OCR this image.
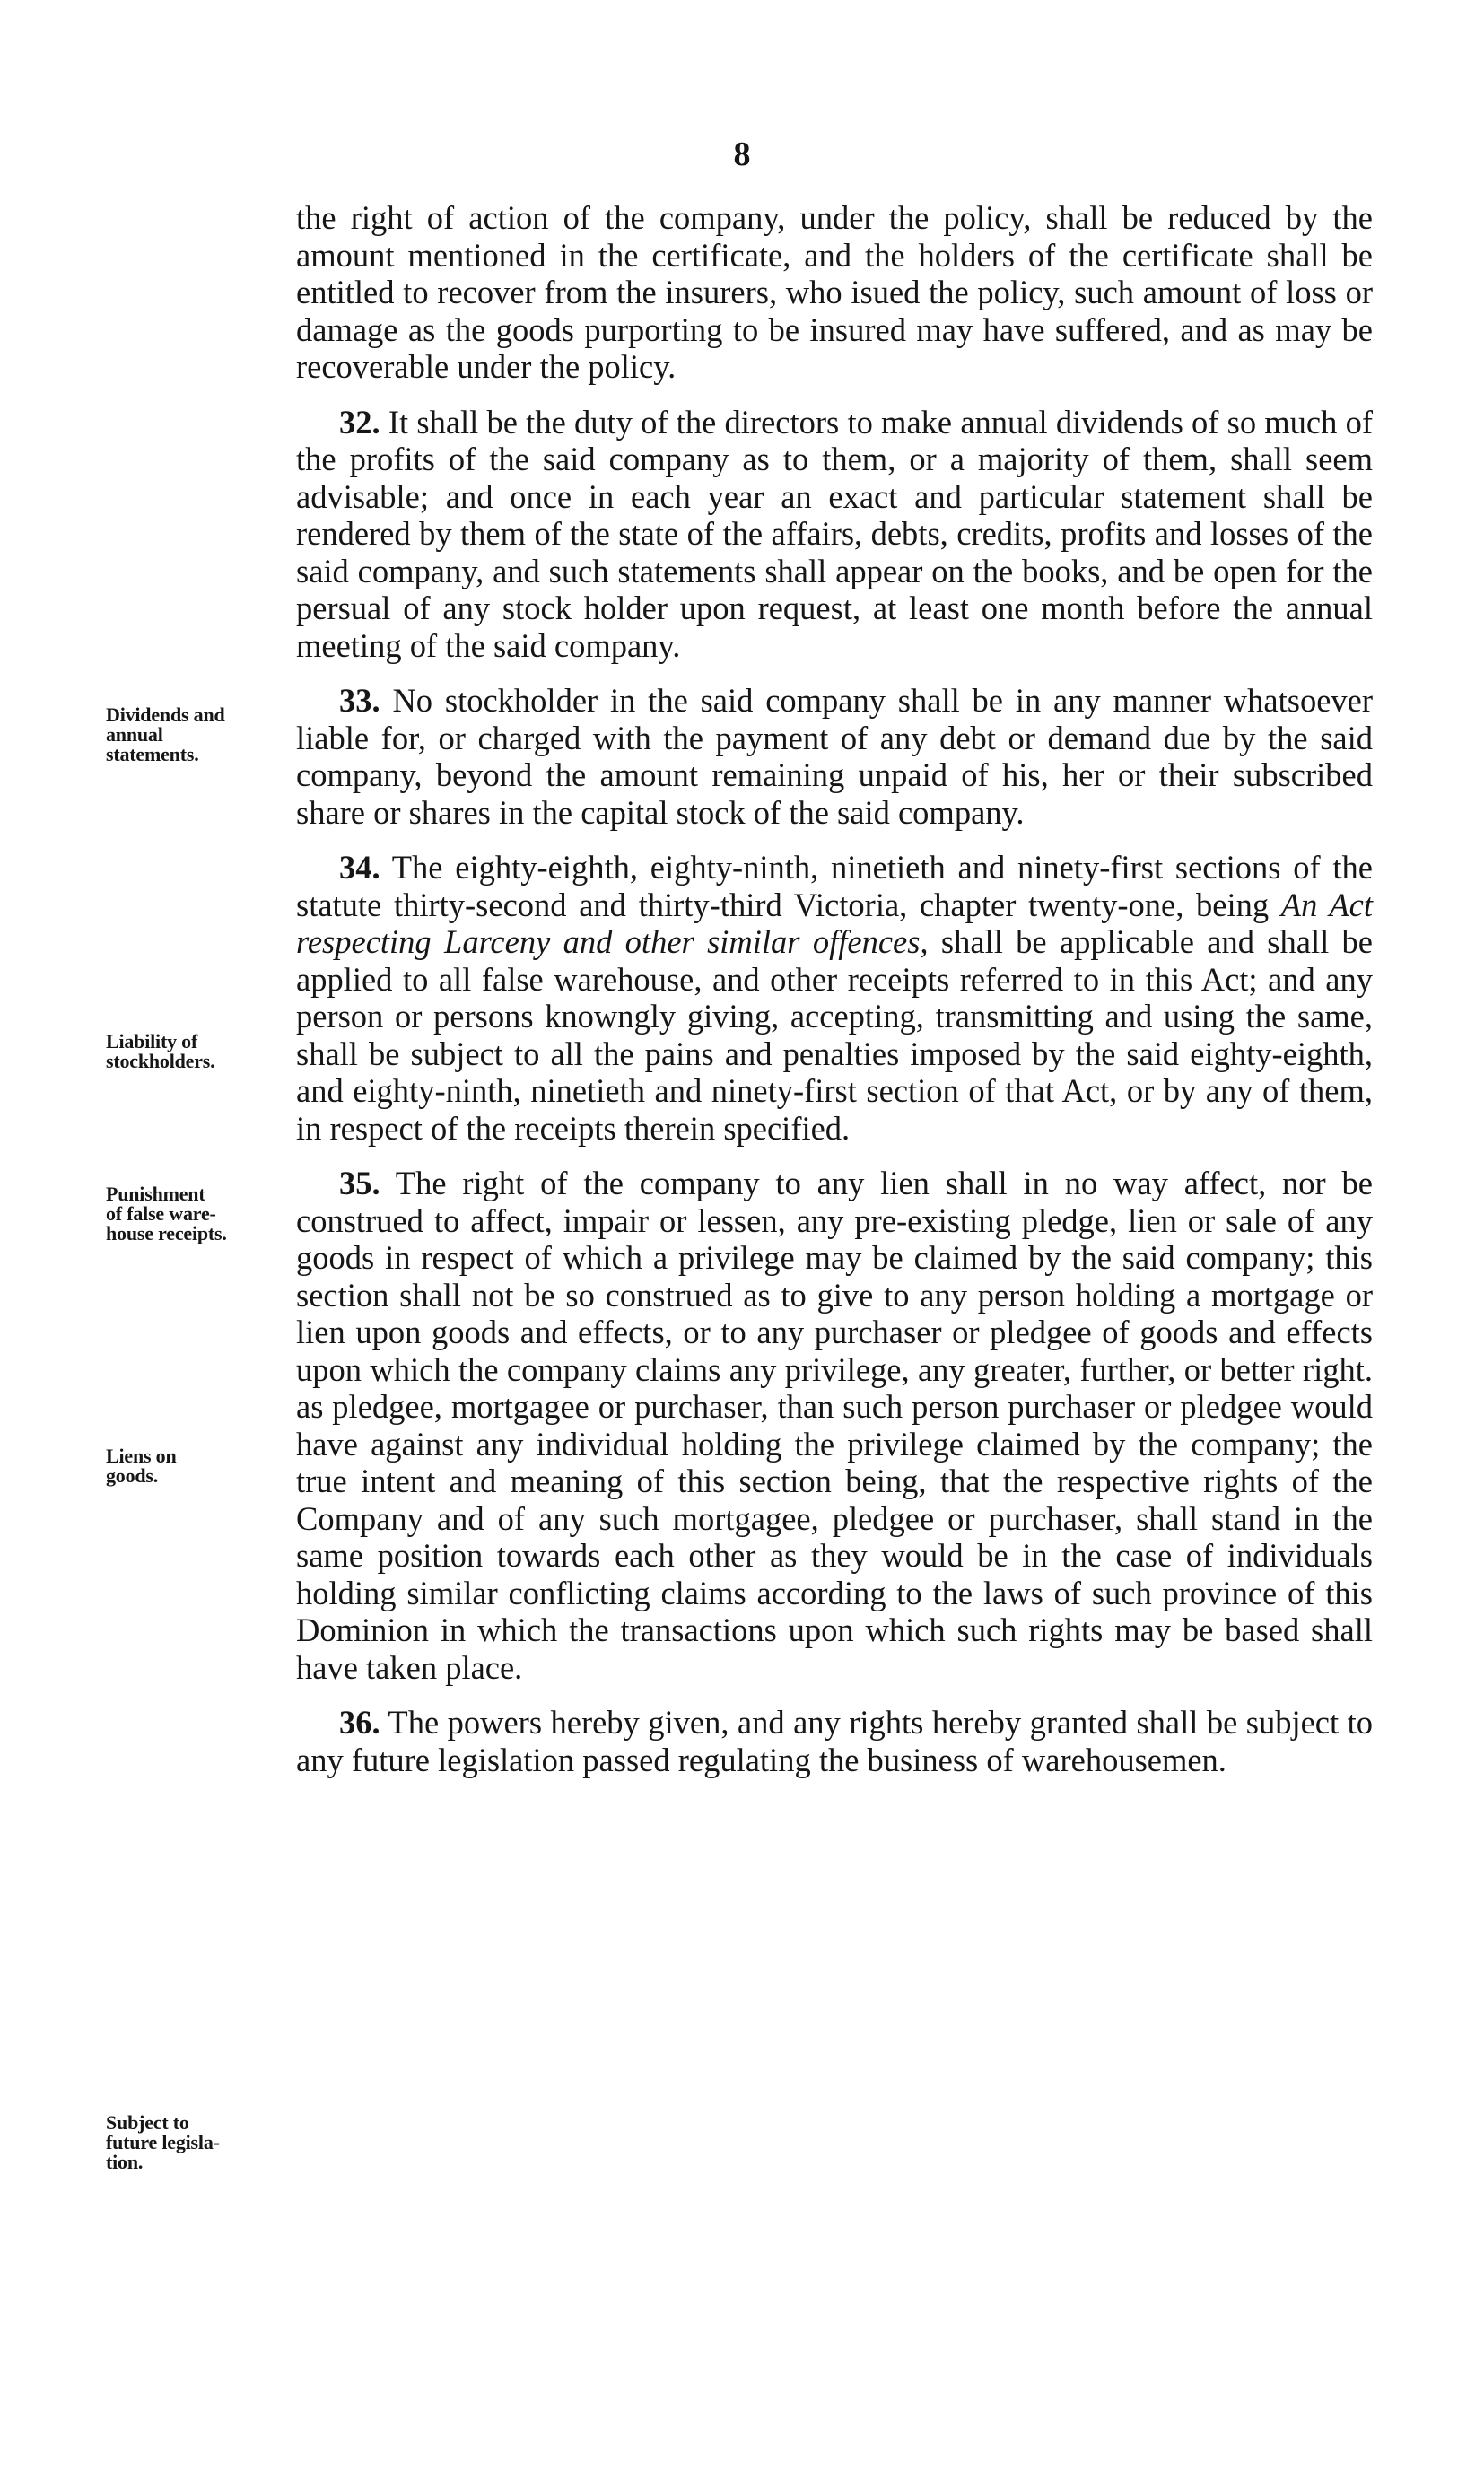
8
Dividends and
annual
statements.
Liability of
stockholders.
Punishment
of false ware-
house receipts.
Liens on
goods.
Subject to
future legisla-
tion.

the right of action of the company, under the policy, shall be reduced by the amount mentioned in the certificate, and the holders of the certificate shall be entitled to recover from the insurers, who isued the policy, such amount of loss or damage as the goods purporting to be insured may have suffered, and as may be recoverable under the policy.

32. It shall be the duty of the directors to make annual dividends of so much of the profits of the said company as to them, or a majority of them, shall seem advisable; and once in each year an exact and particular statement shall be rendered by them of the state of the affairs, debts, credits, profits and losses of the said company, and such statements shall appear on the books, and be open for the persual of any stock holder upon request, at least one month before the annual meeting of the said company.

33. No stockholder in the said company shall be in any manner whatsoever liable for, or charged with the payment of any debt or demand due by the said company, beyond the amount remaining unpaid of his, her or their subscribed share or shares in the capital stock of the said company.

34. The eighty-eighth, eighty-ninth, ninetieth and ninety-first sections of the statute thirty-second and thirty-third Victoria, chapter twenty-one, being An Act respecting Larceny and other similar offences, shall be applicable and shall be applied to all false warehouse, and other receipts referred to in this Act; and any person or persons knowngly giving, accepting, transmitting and using the same, shall be subject to all the pains and penalties imposed by the said eighty-eighth, and eighty-ninth, ninetieth and ninety-first section of that Act, or by any of them, in respect of the receipts therein specified.

35. The right of the company to any lien shall in no way affect, nor be construed to affect, impair or lessen, any pre-existing pledge, lien or sale of any goods in respect of which a privilege may be claimed by the said company; this section shall not be so construed as to give to any person holding a mortgage or lien upon goods and effects, or to any purchaser or pledgee of goods and effects upon which the company claims any privilege, any greater, further, or better right. as pledgee, mortgagee or purchaser, than such person purchaser or pledgee would have against any individual holding the privilege claimed by the company; the true intent and meaning of this section being, that the respective rights of the Company and of any such mortgagee, pledgee or purchaser, shall stand in the same position towards each other as they would be in the case of individuals holding similar conflicting claims according to the laws of such province of this Dominion in which the transactions upon which such rights may be based shall have taken place.

36. The powers hereby given, and any rights hereby granted shall be subject to any future legislation passed regulating the business of warehousemen.
